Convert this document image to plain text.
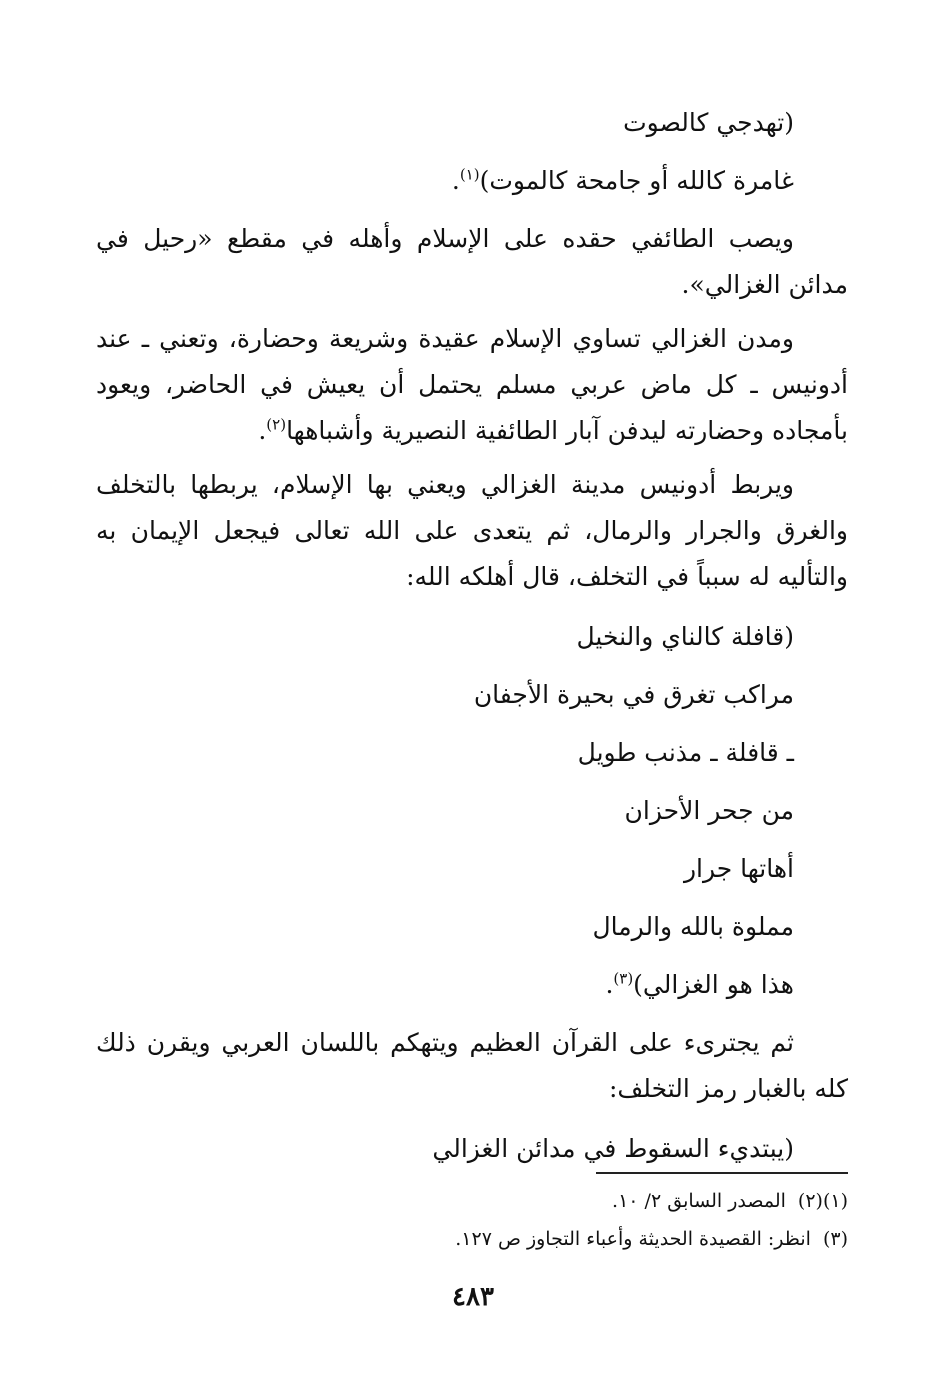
(تهدجي كالصوت
غامرة كالله أو جامحة كالموت)$^{(١)}$.

ويصب الطائفي حقده على الإسلام وأهله في مقطع «رحيل في مدائن الغزالي».

ومدن الغزالي تساوي الإسلام عقيدة وشريعة وحضارة، وتعني ـ عند أدونيس ـ كل ماض عربي مسلم يحتمل أن يعيش في الحاضر، ويعود بأمجاده وحضارته ليدفن آبار الطائفية النصيرية وأشباهها$^{(٢)}$.

ويربط أدونيس مدينة الغزالي ويعني بها الإسلام، يربطها بالتخلف والغرق والجرار والرمال، ثم يتعدى على الله تعالى فيجعل الإيمان به والتأليه له سبباً في التخلف، قال أهلكه الله:

(قافلة كالناي والنخيل
مراكب تغرق في بحيرة الأجفان
ـ قافلة ـ مذنب طويل
من جحر الأحزان
أهاتها جرار
مملوة بالله والرمال
هذا هو الغزالي)$^{(٣)}$.

ثم يجترىء على القرآن العظيم ويتهكم باللسان العربي ويقرن ذلك كله بالغبار رمز التخلف:

(يبتديء السقوط في مدائن الغزالي
(١)(٢)المصدر السابق ٢/ ١٠.
(٣)انظر: القصيدة الحديثة وأعباء التجاوز ص ١٢٧.
٤٨٣
